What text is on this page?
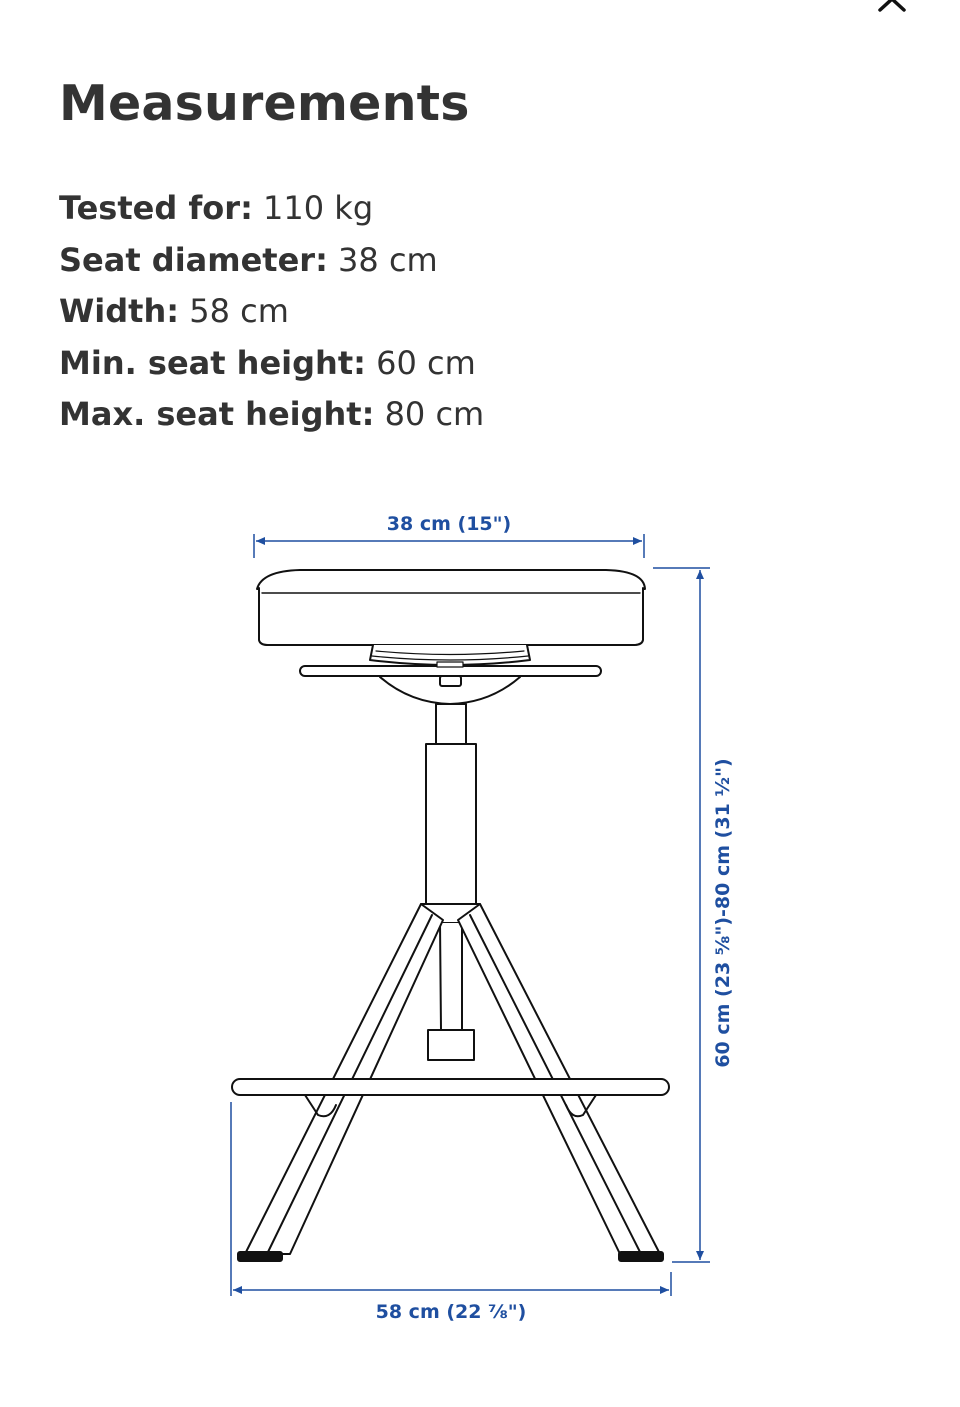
Measurements
Tested for: 110 kg
Seat diameter: 38 cm
Width: 58 cm
Min. seat height: 60 cm
Max. seat height: 80 cm
38 cm (15")
60 cm (23 ⅝")-80 cm (31 ½")
58 cm (22 ⅞")
